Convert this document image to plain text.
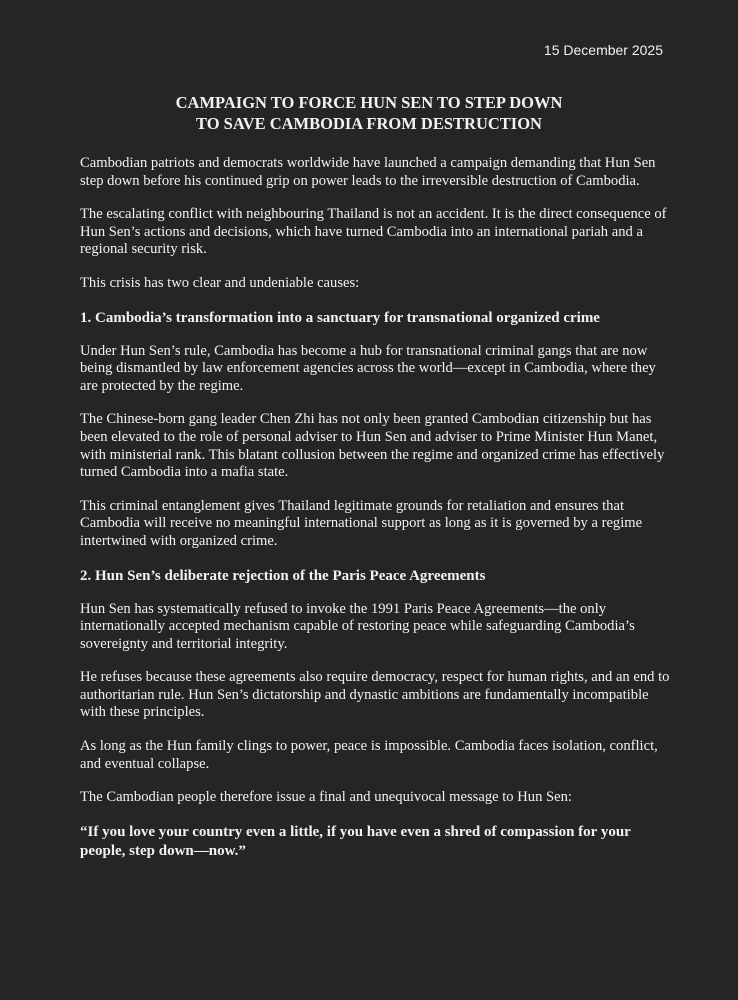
15 December 2025
CAMPAIGN TO FORCE HUN SEN TO STEP DOWN
TO SAVE CAMBODIA FROM DESTRUCTION

Cambodian patriots and democrats worldwide have launched a campaign demanding that Hun Sen step down before his continued grip on power leads to the irreversible destruction of Cambodia.

The escalating conflict with neighbouring Thailand is not an accident. It is the direct consequence of Hun Sen’s actions and decisions, which have turned Cambodia into an international pariah and a regional security risk.

This crisis has two clear and undeniable causes:

1. Cambodia’s transformation into a sanctuary for transnational organized crime

Under Hun Sen’s rule, Cambodia has become a hub for transnational criminal gangs that are now being dismantled by law enforcement agencies across the world—except in Cambodia, where they are protected by the regime.

The Chinese-born gang leader Chen Zhi has not only been granted Cambodian citizenship but has been elevated to the role of personal adviser to Hun Sen and adviser to Prime Minister Hun Manet, with ministerial rank. This blatant collusion between the regime and organized crime has effectively turned Cambodia into a mafia state.

This criminal entanglement gives Thailand legitimate grounds for retaliation and ensures that Cambodia will receive no meaningful international support as long as it is governed by a regime intertwined with organized crime.

2. Hun Sen’s deliberate rejection of the Paris Peace Agreements

Hun Sen has systematically refused to invoke the 1991 Paris Peace Agreements—the only internationally accepted mechanism capable of restoring peace while safeguarding Cambodia’s sovereignty and territorial integrity.

He refuses because these agreements also require democracy, respect for human rights, and an end to authoritarian rule. Hun Sen’s dictatorship and dynastic ambitions are fundamentally incompatible with these principles.

As long as the Hun family clings to power, peace is impossible. Cambodia faces isolation, conflict, and eventual collapse.

The Cambodian people therefore issue a final and unequivocal message to Hun Sen:

“If you love your country even a little, if you have even a shred of compassion for your people, step down—now.”
